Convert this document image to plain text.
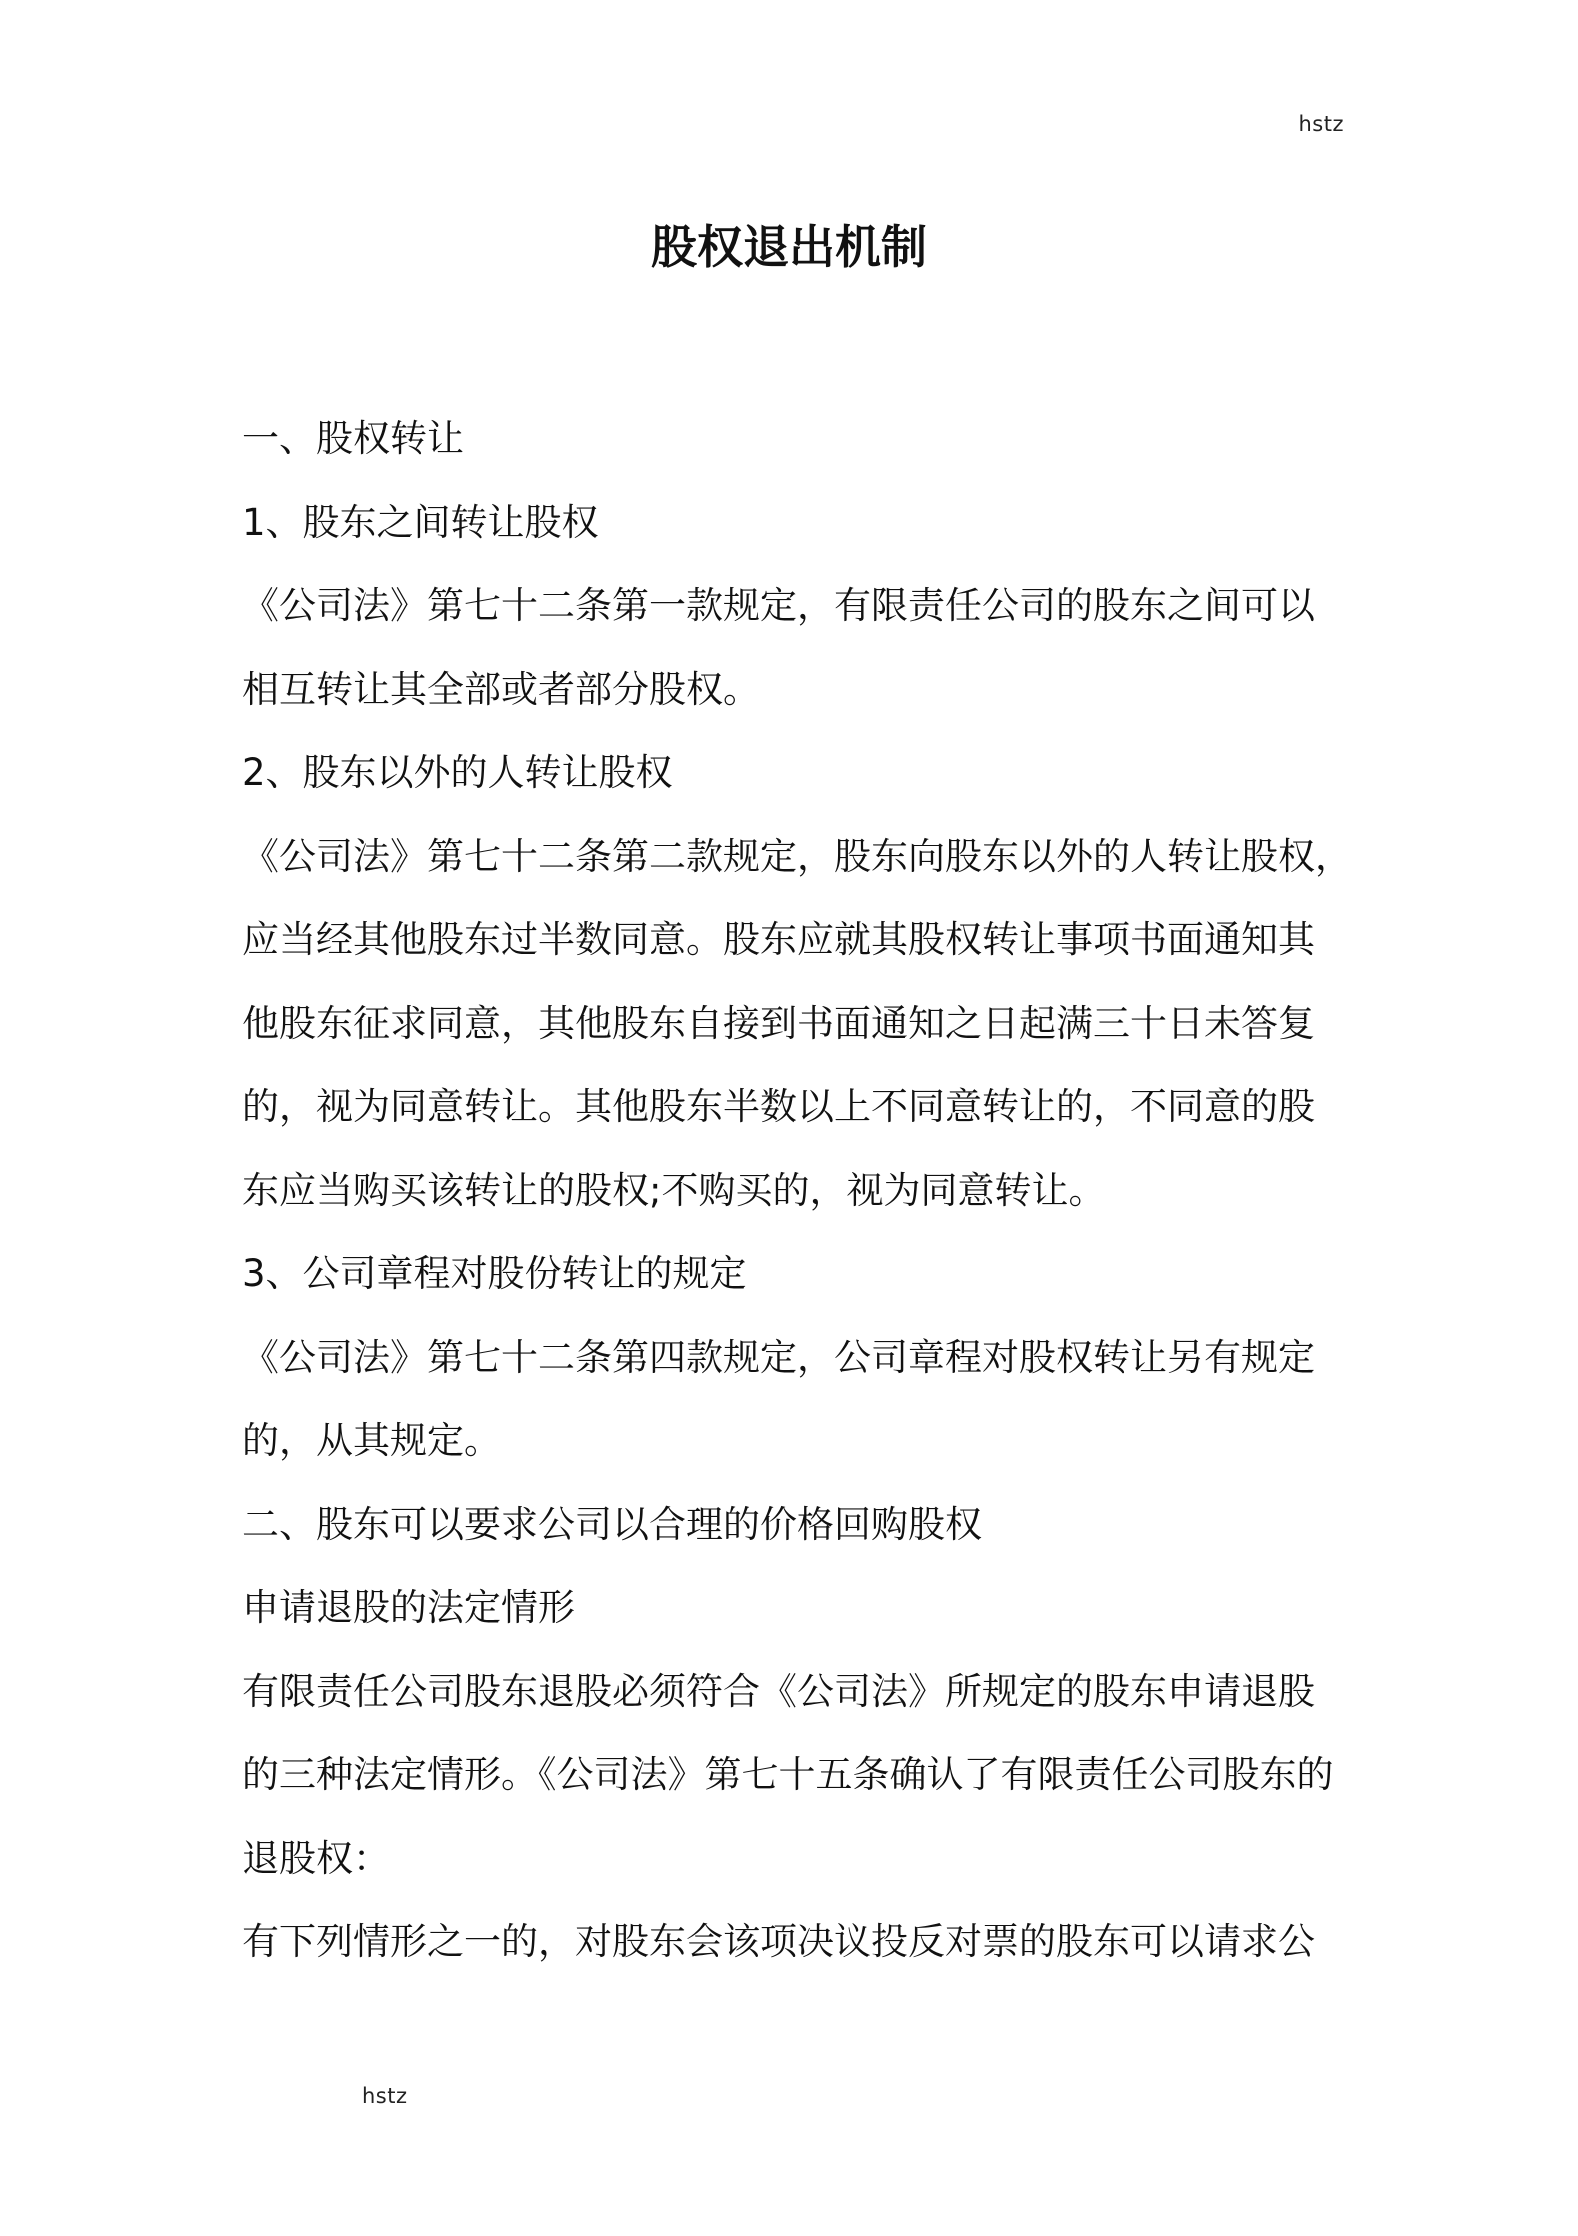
hstz
股权退出机制

一、股权转让

1、股东之间转让股权

《公司法》第七十二条第一款规定，有限责任公司的股东之间可以

相互转让其全部或者部分股权。

2、股东以外的人转让股权

《公司法》第七十二条第二款规定，股东向股东以外的人转让股权，

应当经其他股东过半数同意。股东应就其股权转让事项书面通知其

他股东征求同意，其他股东自接到书面通知之日起满三十日未答复

的，视为同意转让。其他股东半数以上不同意转让的，不同意的股

东应当购买该转让的股权;不购买的，视为同意转让。

3、公司章程对股份转让的规定

《公司法》第七十二条第四款规定，公司章程对股权转让另有规定

的，从其规定。

二、股东可以要求公司以合理的价格回购股权

申请退股的法定情形

有限责任公司股东退股必须符合《公司法》所规定的股东申请退股

的三种法定情形。《公司法》第七十五条确认了有限责任公司股东的

退股权：

有下列情形之一的，对股东会该项决议投反对票的股东可以请求公

hstz
